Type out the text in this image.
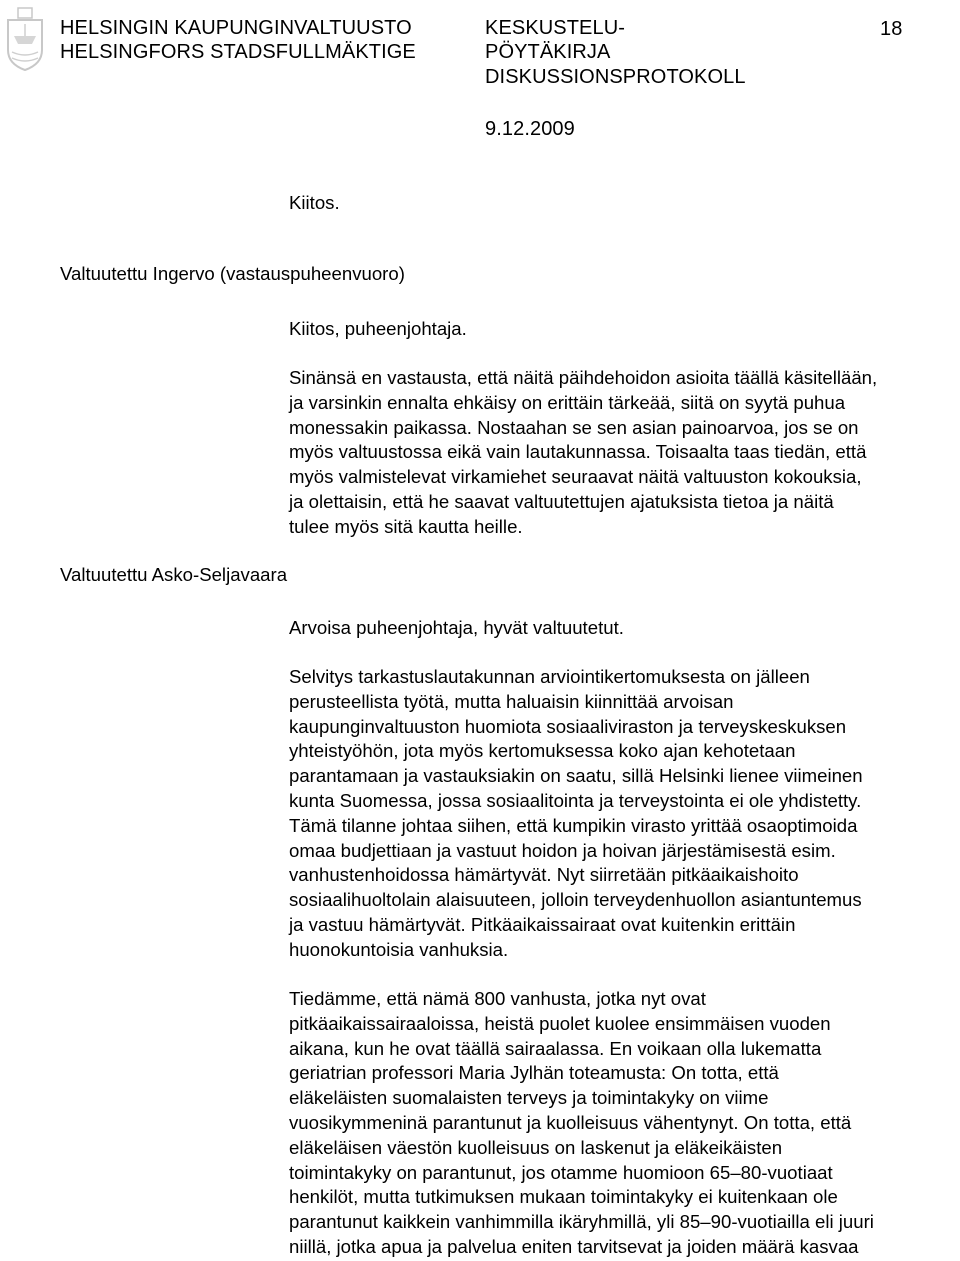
HELSINGIN KAUPUNGINVALTUUSTO
HELSINGFORS STADSFULLMÄKTIGE
KESKUSTELU-
PÖYTÄKIRJA
DISKUSSIONSPROTOKOLL
18
9.12.2009
Kiitos.
Valtuutettu Ingervo (vastauspuheenvuoro)
Kiitos, puheenjohtaja.
Sinänsä en vastausta, että näitä päihdehoidon asioita täällä käsitellään,
ja varsinkin ennalta ehkäisy on erittäin tärkeää, siitä on syytä puhua
monessakin paikassa. Nostaahan se sen asian painoarvoa, jos se on
myös valtuustossa eikä vain lautakunnassa. Toisaalta taas tiedän, että
myös valmistelevat virkamiehet seuraavat näitä valtuuston kokouksia,
ja olettaisin, että he saavat valtuutettujen ajatuksista tietoa ja näitä
tulee myös sitä kautta heille.
Valtuutettu Asko-Seljavaara
Arvoisa puheenjohtaja, hyvät valtuutetut.
Selvitys tarkastuslautakunnan arviointikertomuksesta on jälleen
perusteellista työtä, mutta haluaisin kiinnittää arvoisan
kaupunginvaltuuston huomiota sosiaaliviraston ja terveyskeskuksen
yhteistyöhön, jota myös kertomuksessa koko ajan kehotetaan
parantamaan ja vastauksiakin on saatu, sillä Helsinki lienee viimeinen
kunta Suomessa, jossa sosiaalitointa ja terveystointa ei ole yhdistetty.
Tämä tilanne johtaa siihen, että kumpikin virasto yrittää osaoptimoida
omaa budjettiaan ja vastuut hoidon ja hoivan järjestämisestä esim.
vanhustenhoidossa hämärtyvät. Nyt siirretään pitkäaikaishoito
sosiaalihuoltolain alaisuuteen, jolloin terveydenhuollon asiantuntemus
ja vastuu hämärtyvät. Pitkäaikaissairaat ovat kuitenkin erittäin
huonokuntoisia vanhuksia.
Tiedämme, että nämä 800 vanhusta, jotka nyt ovat
pitkäaikaissairaaloissa, heistä puolet kuolee ensimmäisen vuoden
aikana, kun he ovat täällä sairaalassa. En voikaan olla lukematta
geriatrian professori Maria Jylhän toteamusta: On totta, että
eläkeläisten suomalaisten terveys ja toimintakyky on viime
vuosikymmeninä parantunut ja kuolleisuus vähentynyt. On totta, että
eläkeläisen väestön kuolleisuus on laskenut ja eläkeikäisten
toimintakyky on parantunut, jos otamme huomioon 65–80-vuotiaat
henkilöt, mutta tutkimuksen mukaan toimintakyky ei kuitenkaan ole
parantunut kaikkein vanhimmilla ikäryhmillä, yli 85–90-vuotiailla eli juuri
niillä, jotka apua ja palvelua eniten tarvitsevat ja joiden määrä kasvaa
